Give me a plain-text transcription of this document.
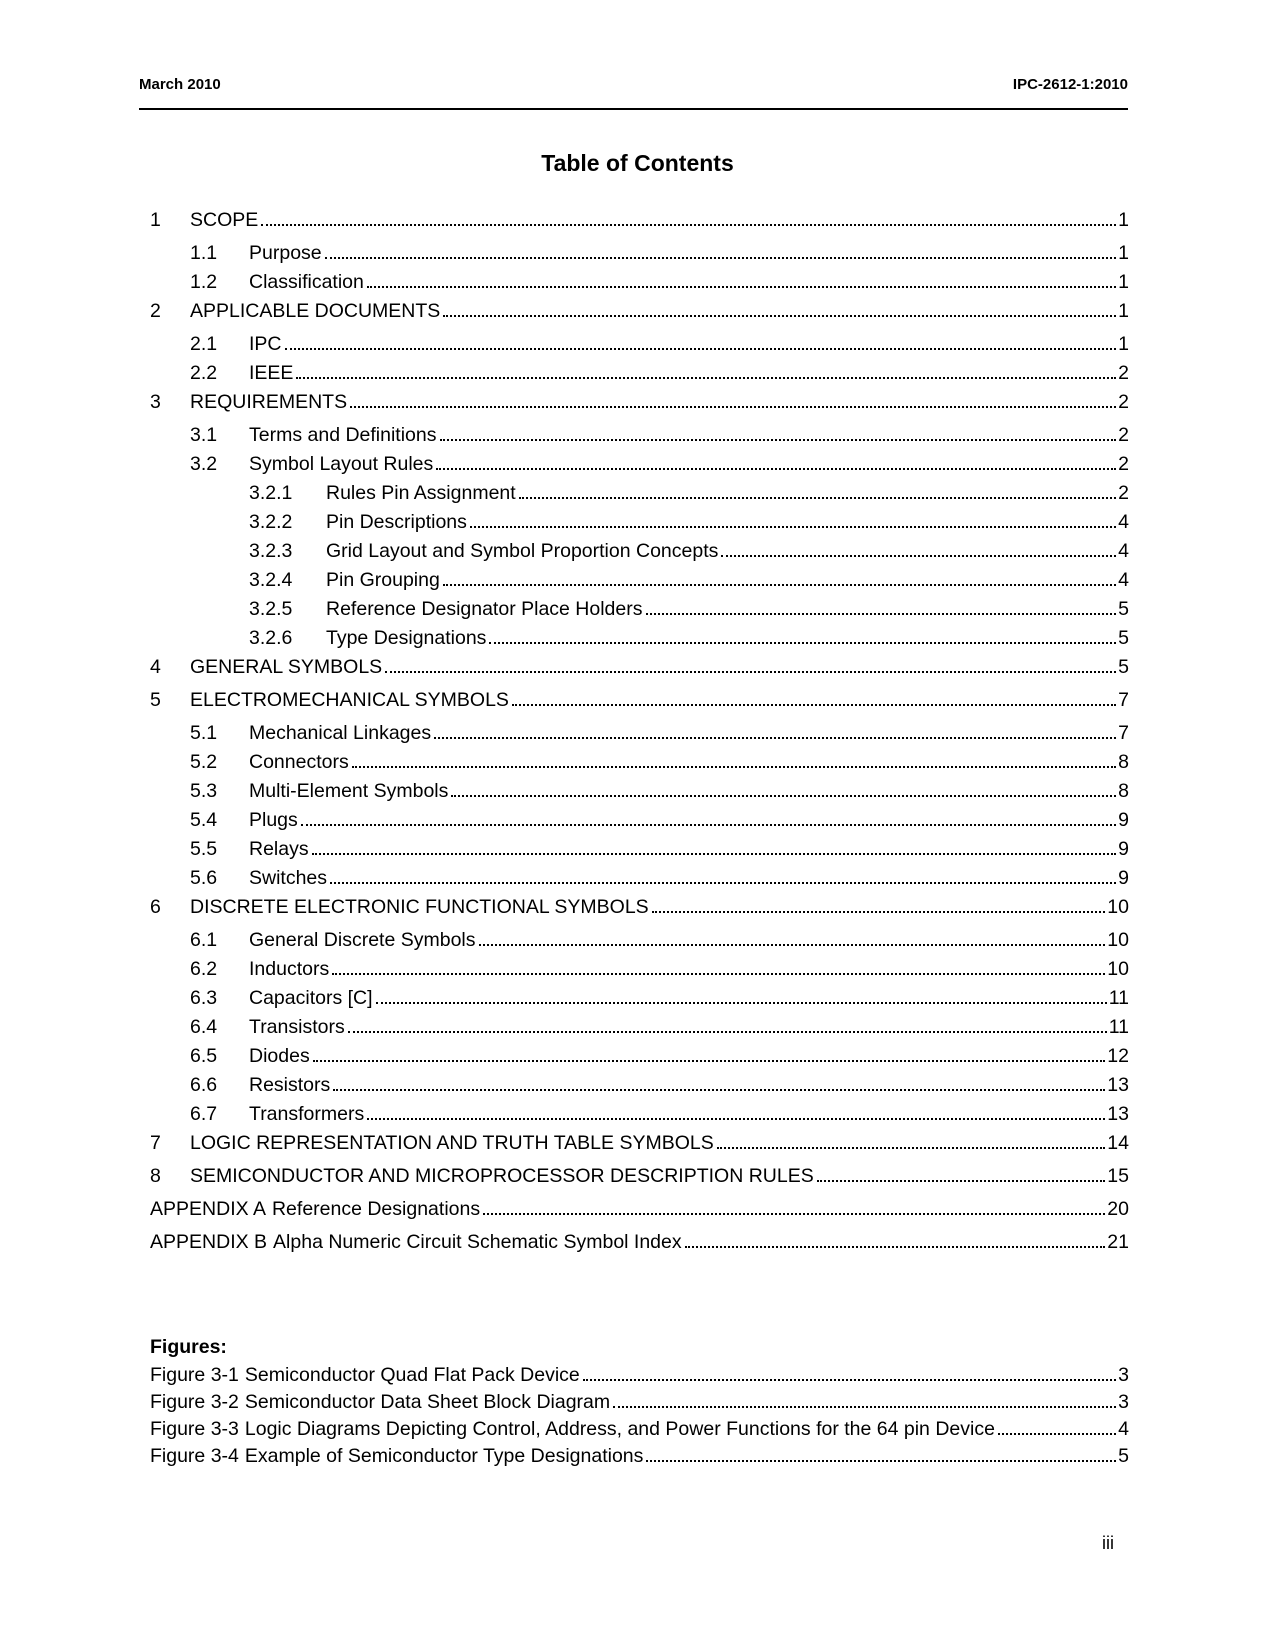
March 2010	IPC-2612-1:2010
Table of Contents
1	SCOPE	1
1.1	Purpose	1
1.2	Classification	1
2	APPLICABLE DOCUMENTS	1
2.1	IPC	1
2.2	IEEE	2
3	REQUIREMENTS	2
3.1	Terms and Definitions	2
3.2	Symbol Layout Rules	2
3.2.1	Rules Pin Assignment	2
3.2.2	Pin Descriptions	4
3.2.3	Grid Layout and Symbol Proportion Concepts	4
3.2.4	Pin Grouping	4
3.2.5	Reference Designator Place Holders	5
3.2.6	Type Designations	5
4	GENERAL SYMBOLS	5
5	ELECTROMECHANICAL SYMBOLS	7
5.1	Mechanical Linkages	7
5.2	Connectors	8
5.3	Multi-Element Symbols	8
5.4	Plugs	9
5.5	Relays	9
5.6	Switches	9
6	DISCRETE ELECTRONIC FUNCTIONAL SYMBOLS	10
6.1	General Discrete Symbols	10
6.2	Inductors	10
6.3	Capacitors [C]	11
6.4	Transistors	11
6.5	Diodes	12
6.6	Resistors	13
6.7	Transformers	13
7	LOGIC REPRESENTATION AND TRUTH TABLE SYMBOLS	14
8	SEMICONDUCTOR AND MICROPROCESSOR DESCRIPTION RULES	15
APPENDIX A Reference Designations	20
APPENDIX B Alpha Numeric Circuit Schematic Symbol Index	21
Figures:
Figure 3-1 Semiconductor Quad Flat Pack Device	3
Figure 3-2 Semiconductor Data Sheet Block Diagram	3
Figure 3-3 Logic Diagrams Depicting Control, Address, and Power Functions for the 64 pin Device	4
Figure 3-4 Example of Semiconductor Type Designations	5
iii
